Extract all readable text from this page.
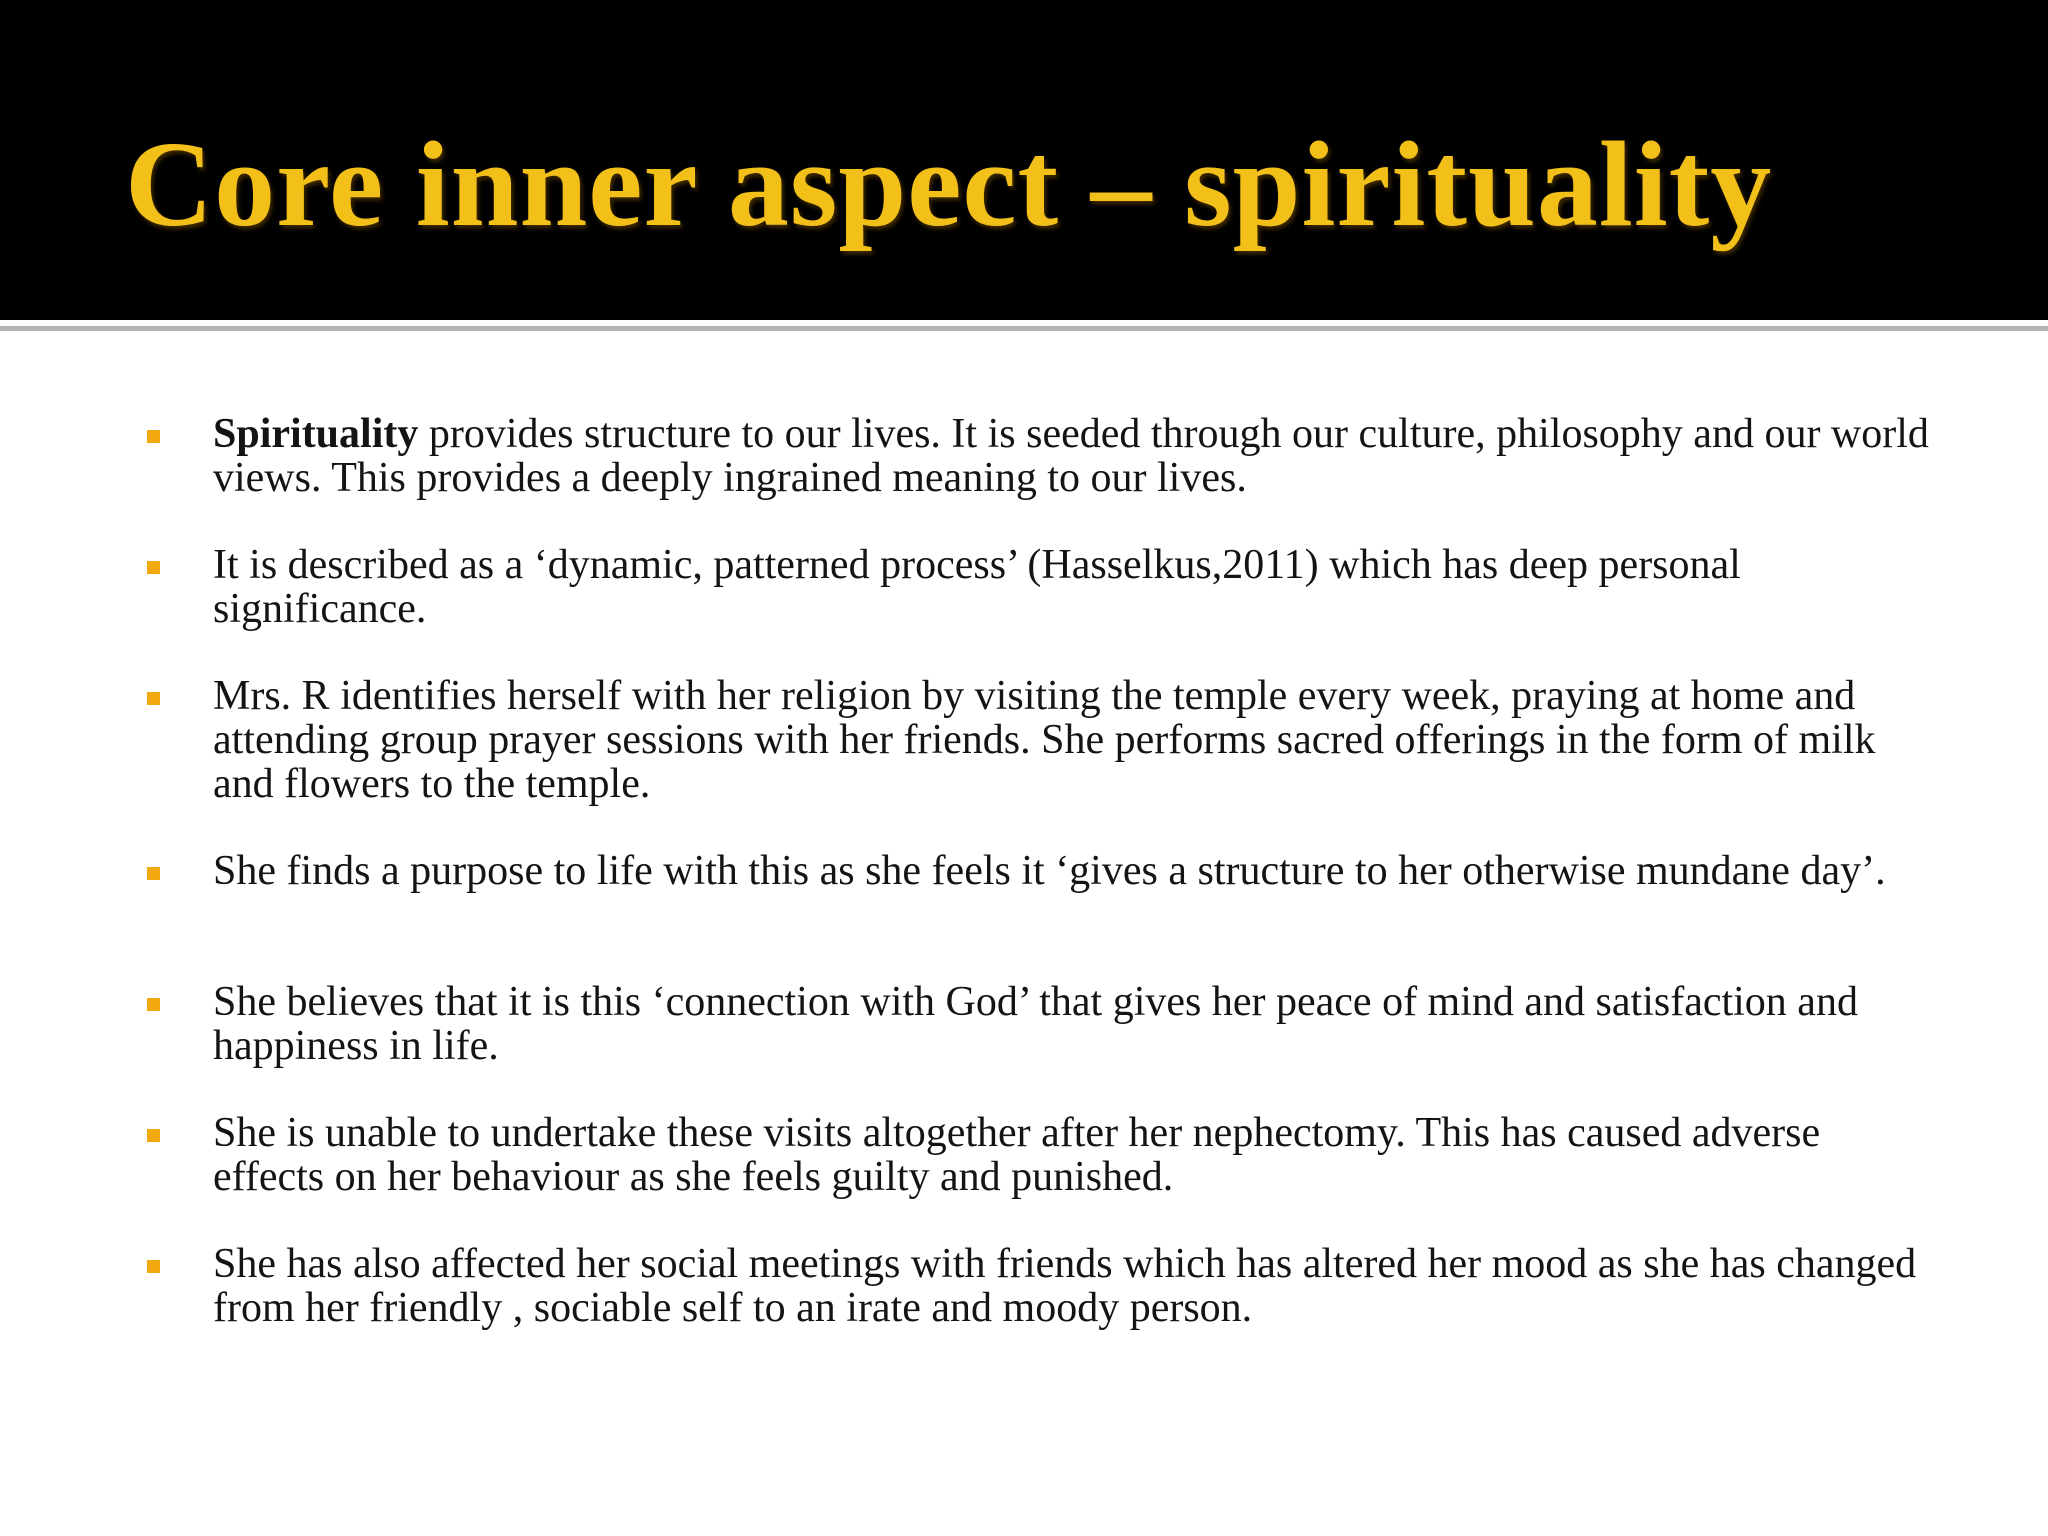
Core inner aspect – spirituality
Spirituality provides structure to our lives. It is seeded through our culture, philosophy and our world views. This provides a deeply ingrained meaning to our lives.
It is described as a ‘dynamic, patterned process’ (Hasselkus,2011) which has deep personal significance.
Mrs. R identifies herself with her religion by visiting the temple every week, praying at home and attending group prayer sessions with her friends. She performs sacred offerings in the form of milk and flowers to the temple.
She finds a purpose to life with this as she feels it ‘gives a structure to her otherwise mundane day’.
She believes that it is this ‘connection with God’ that gives her peace of mind and satisfaction and happiness in life.
She is unable to undertake these visits altogether after her nephectomy. This has caused adverse effects on her behaviour as she feels guilty and punished.
She has also affected her social meetings with friends which has altered her mood as she has changed from her friendly , sociable self to an irate and moody person.
